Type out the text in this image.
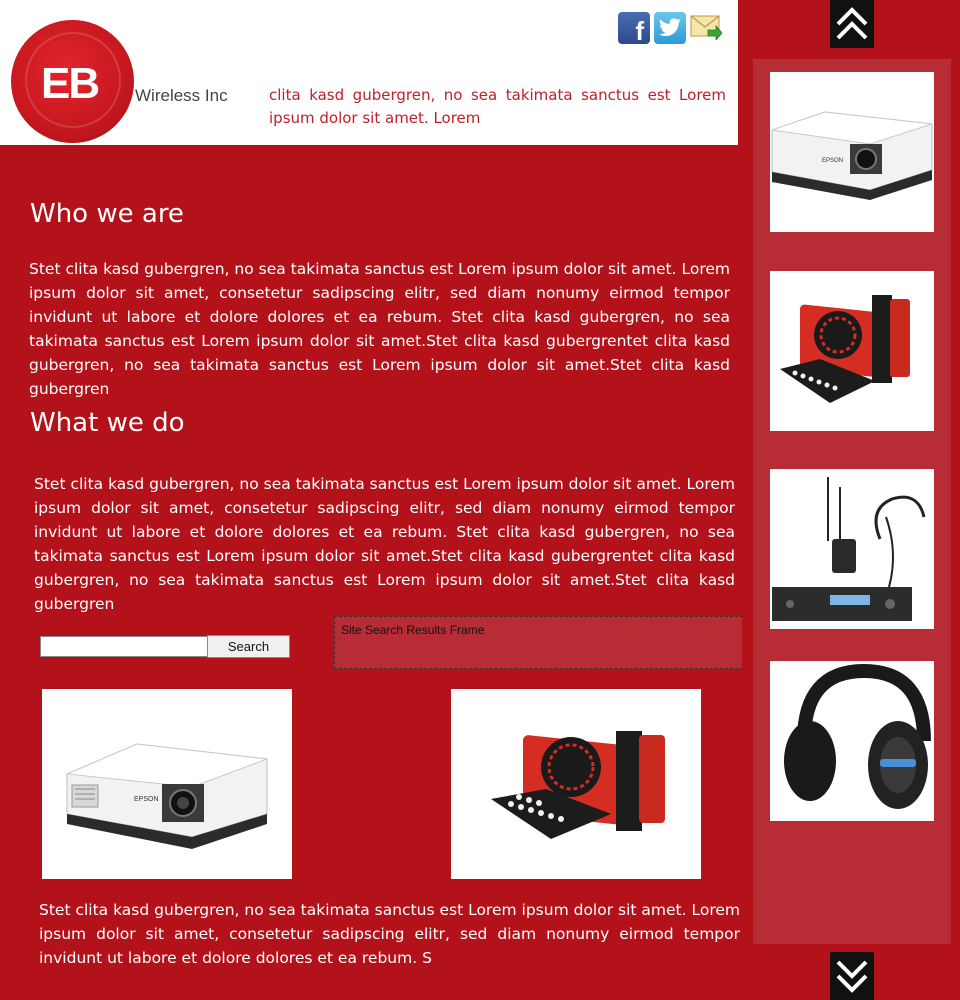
EB Wireless Inc	clita kasd gubergren, no sea takimata sanctus est Lorem ipsum dolor sit amet. Lorem
f
Who we are

Stet clita kasd gubergren, no sea takimata sanctus est Lorem ipsum dolor sit amet. Lorem ipsum dolor sit amet, consetetur sadipscing elitr, sed diam nonumy eirmod tempor invidunt ut labore et dolore dolores et ea rebum. Stet clita kasd gubergren, no sea takimata sanctus est Lorem ipsum dolor sit amet.Stet clita kasd gubergrentet clita kasd gubergren, no sea takimata sanctus est Lorem ipsum dolor sit amet.Stet clita kasd gubergren

What we do

Stet clita kasd gubergren, no sea takimata sanctus est Lorem ipsum dolor sit amet. Lorem ipsum dolor sit amet, consetetur sadipscing elitr, sed diam nonumy eirmod tempor invidunt ut labore et dolore dolores et ea rebum. Stet clita kasd gubergren, no sea takimata sanctus est Lorem ipsum dolor sit amet.Stet clita kasd gubergrentet clita kasd gubergren, no sea takimata sanctus est Lorem ipsum dolor sit amet.Stet clita kasd gubergren

Search
Site Search Results Frame
EPSON

Stet clita kasd gubergren, no sea takimata sanctus est Lorem ipsum dolor sit amet. Lorem ipsum dolor sit amet, consetetur sadipscing elitr, sed diam nonumy eirmod tempor invidunt ut labore et dolore dolores et ea rebum. S

EPSON
